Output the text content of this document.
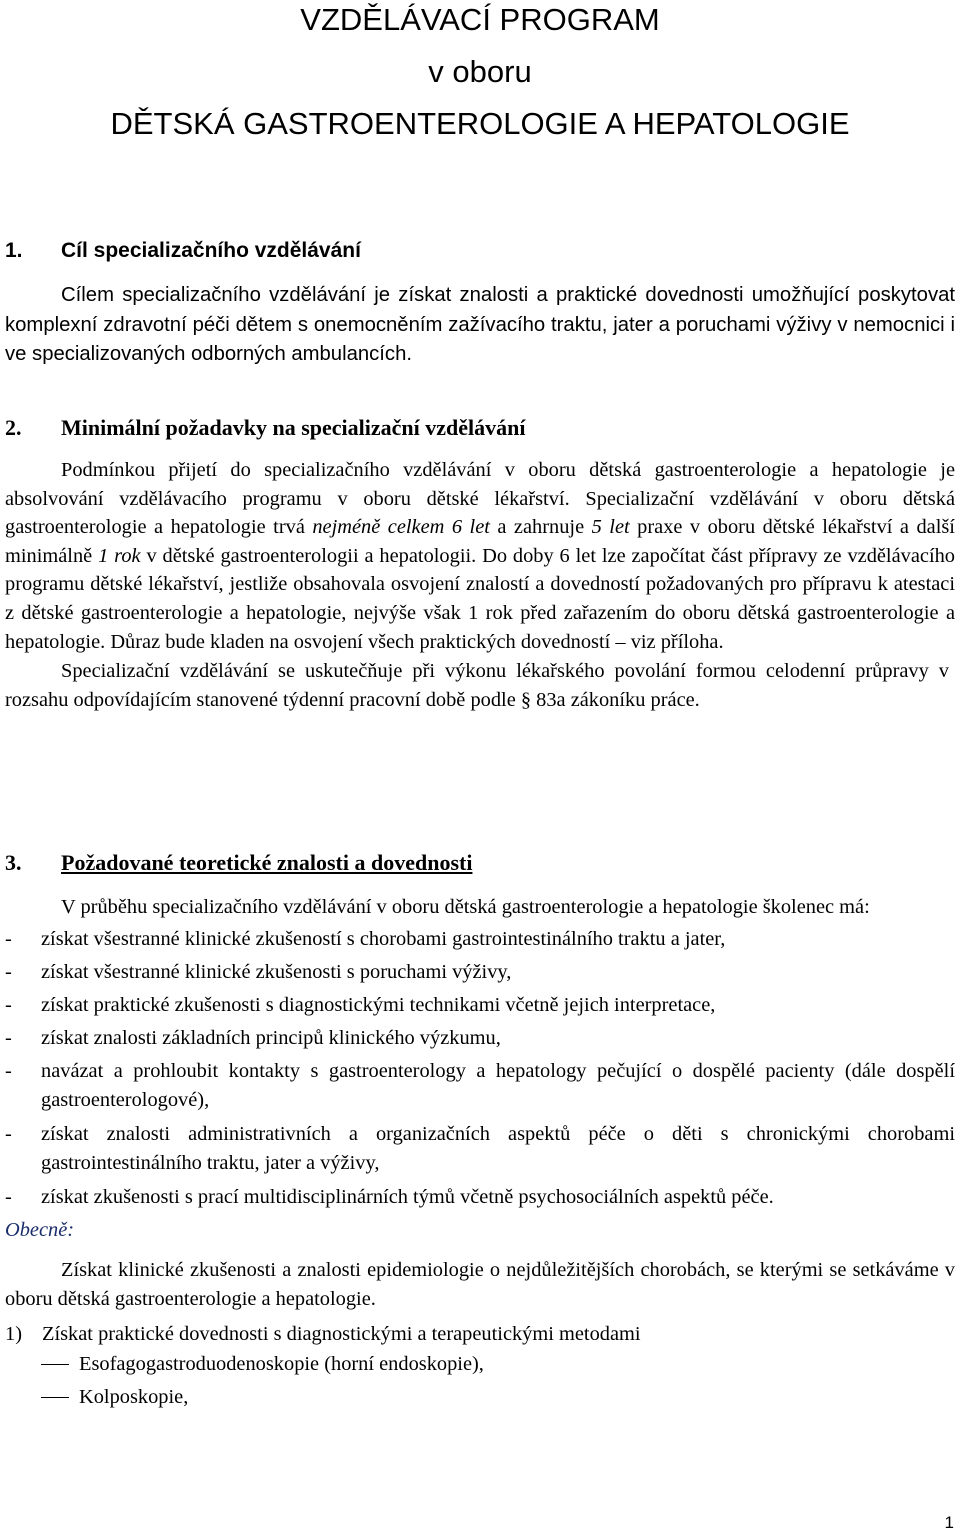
VZDĚLÁVACÍ PROGRAM

v oboru

DĚTSKÁ GASTROENTEROLOGIE A HEPATOLOGIE

1. Cíl specializačního vzdělávání

Cílem specializačního vzdělávání je získat znalosti a praktické dovednosti umožňující poskytovat komplexní zdravotní péči dětem s onemocněním zažívacího traktu, jater a poruchami výživy v nemocnici i ve specializovaných odborných ambulancích.

2. Minimální požadavky na specializační vzdělávání

Podmínkou přijetí do specializačního vzdělávání v oboru dětská gastroenterologie a hepatologie je absolvování vzdělávacího programu v oboru dětské lékařství. Specializační vzdělávání v oboru dětská gastroenterologie a hepatologie trvá nejméně celkem 6 let a zahrnuje 5 let praxe v oboru dětské lékařství a další minimálně 1 rok v dětské gastroenterologii a hepatologii. Do doby 6 let lze započítat část přípravy ze vzdělávacího programu dětské lékařství, jestliže obsahovala osvojení znalostí a dovedností požadovaných pro přípravu k atestaci z dětské gastroenterologie a hepatologie, nejvýše však 1 rok před zařazením do oboru dětská gastroenterologie a hepatologie. Důraz bude kladen na osvojení všech praktických dovedností – viz příloha.

Specializační vzdělávání se uskutečňuje při výkonu lékařského povolání formou celodenní průpravy v rozsahu odpovídajícím stanovené týdenní pracovní době podle § 83a zákoníku práce.

3. Požadované teoretické znalosti a dovednosti

V průběhu specializačního vzdělávání v oboru dětská gastroenterologie a hepatologie školenec má:

- získat všestranné klinické zkušeností s chorobami gastrointestinálního traktu a jater,
- získat všestranné klinické zkušenosti s poruchami výživy,
- získat praktické zkušenosti s diagnostickými technikami včetně jejich interpretace,
- získat znalosti základních principů klinického výzkumu,
- navázat a prohloubit kontakty s gastroenterology a hepatology pečující o dospělé pacienty (dále dospělí gastroenterologové),
- získat znalosti administrativních a organizačních aspektů péče o děti s chronickými chorobami gastrointestinálního traktu, jater a výživy,
- získat zkušenosti s prací multidisciplinárních týmů včetně psychosociálních aspektů péče.

Obecně:

Získat klinické zkušenosti a znalosti epidemiologie o nejdůležitějších chorobách, se kterými se setkáváme v oboru dětská gastroenterologie a hepatologie.

1) Získat praktické dovednosti s diagnostickými a terapeutickými metodami

Esofagogastroduodenoskopie (horní endoskopie),
Kolposkopie,
1
